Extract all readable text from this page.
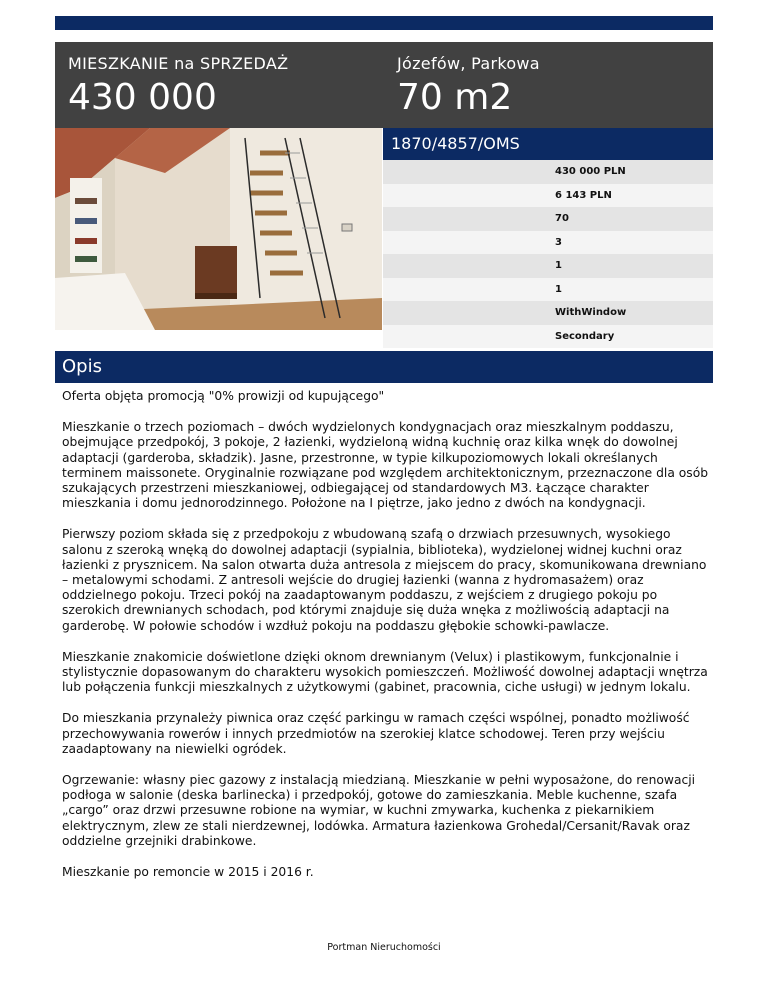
MIESZKANIE na SPRZEDAŻ
430 000
Józefów, Parkowa
70 m2
1870/4857/OMS
430 000 PLN
6 143 PLN
70
3
1
1
WithWindow
Secondary
Opis

Oferta objęta promocją "0% prowizji od kupującego"

Mieszkanie o trzech poziomach – dwóch wydzielonych kondygnacjach oraz mieszkalnym poddaszu, obejmujące przedpokój, 3 pokoje, 2 łazienki, wydzieloną widną kuchnię oraz kilka wnęk do dowolnej adaptacji (garderoba, składzik). Jasne, przestronne, w typie kilkupoziomowych lokali określanych terminem maissonete. Oryginalnie rozwiązane pod względem architektonicznym, przeznaczone dla osób szukających przestrzeni mieszkaniowej, odbiegającej od standardowych M3. Łączące charakter mieszkania i domu jednorodzinnego. Położone na I piętrze, jako jedno z dwóch na kondygnacji.

Pierwszy poziom składa się z przedpokoju z wbudowaną szafą o drzwiach przesuwnych, wysokiego salonu z szeroką wnęką do dowolnej adaptacji (sypialnia, biblioteka), wydzielonej widnej kuchni oraz łazienki z prysznicem. Na salon otwarta duża antresola z miejscem do pracy, skomunikowana drewniano – metalowymi schodami. Z antresoli wejście do drugiej łazienki (wanna z hydromasażem) oraz oddzielnego pokoju. Trzeci pokój na zaadaptowanym poddaszu, z wejściem z drugiego pokoju po szerokich drewnianych schodach, pod którymi znajduje się duża wnęka z możliwością adaptacji na garderobę. W połowie schodów i wzdłuż pokoju na poddaszu głębokie schowki-pawlacze.

Mieszkanie znakomicie doświetlone dzięki oknom drewnianym (Velux) i plastikowym, funkcjonalnie i stylistycznie dopasowanym do charakteru wysokich pomieszczeń. Możliwość dowolnej adaptacji wnętrza lub połączenia funkcji mieszkalnych z użytkowymi (gabinet, pracownia, ciche usługi) w jednym lokalu.

Do mieszkania przynależy piwnica oraz część parkingu w ramach części wspólnej, ponadto możliwość przechowywania rowerów i innych przedmiotów na szerokiej klatce schodowej. Teren przy wejściu zaadaptowany na niewielki ogródek.

Ogrzewanie: własny piec gazowy z instalacją miedzianą. Mieszkanie w pełni wyposażone, do renowacji podłoga w salonie (deska barlinecka) i przedpokój, gotowe do zamieszkania. Meble kuchenne, szafa „cargo” oraz drzwi przesuwne robione na wymiar, w kuchni zmywarka, kuchenka z piekarnikiem elektrycznym, zlew ze stali nierdzewnej, lodówka. Armatura łazienkowa Grohedal/Cersanit/Ravak oraz oddzielne grzejniki drabinkowe.

Mieszkanie po remoncie w 2015 i 2016 r.

Portman Nieruchomości
